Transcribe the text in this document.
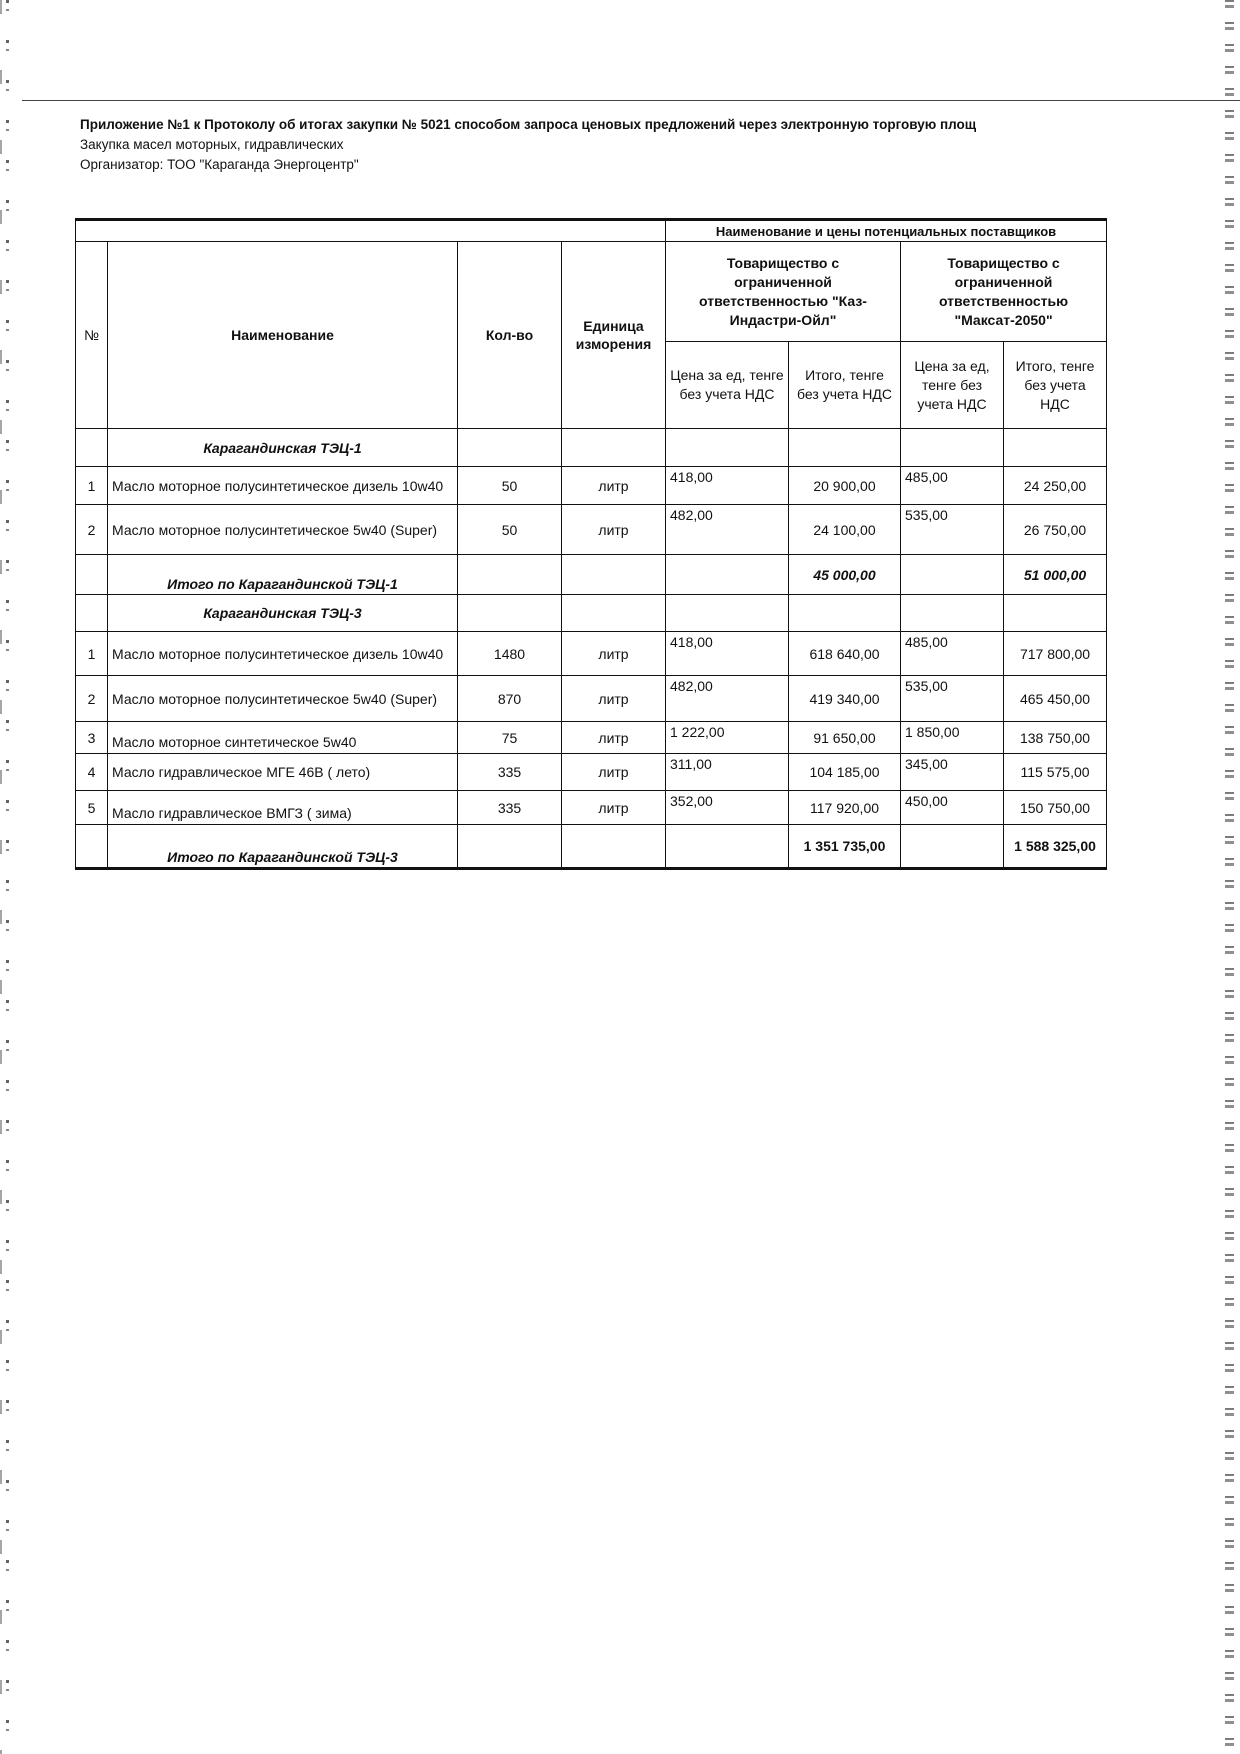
Приложение №1 к Протоколу об итогах закупки № 5021 способом запроса ценовых предложений через электронную торговую площ
Закупка масел моторных, гидравлических
Организатор: ТОО "Караганда Энергоцентр"
				Наименование и цены потенциальных поставщиков			
№	Наименование	Кол-во	Единица изморения	Товарищество с ограниченной ответственностью "Каз-Индастри-Ойл"		Товарищество с ограниченной ответственностью "Максат-2050"	
				Цена за ед, тенге без учета НДС	Итого, тенге без учета НДС	Цена за ед, тенге без учета НДС	Итого, тенге без учета НДС
	Карагандинская ТЭЦ-1						
1	Масло моторное полусинтетическое дизель 10w40	50	литр	418,00	20 900,00	485,00	24 250,00
2	Масло моторное полусинтетическое 5w40 (Super)	50	литр	482,00	24 100,00	535,00	26 750,00
	Итого по Карагандинской ТЭЦ-1				45 000,00		51 000,00
	Карагандинская ТЭЦ-3						
1	Масло моторное полусинтетическое дизель 10w40	1480	литр	418,00	618 640,00	485,00	717 800,00
2	Масло моторное полусинтетическое 5w40 (Super)	870	литр	482,00	419 340,00	535,00	465 450,00
3	Масло моторное синтетическое 5w40	75	литр	1 222,00	91 650,00	1 850,00	138 750,00
4	Масло гидравлическое МГЕ 46В ( лето)	335	литр	311,00	104 185,00	345,00	115 575,00
5	Масло гидравлическое ВМГЗ ( зима)	335	литр	352,00	117 920,00	450,00	150 750,00
	Итого по Карагандинской ТЭЦ-3				1 351 735,00		1 588 325,00
